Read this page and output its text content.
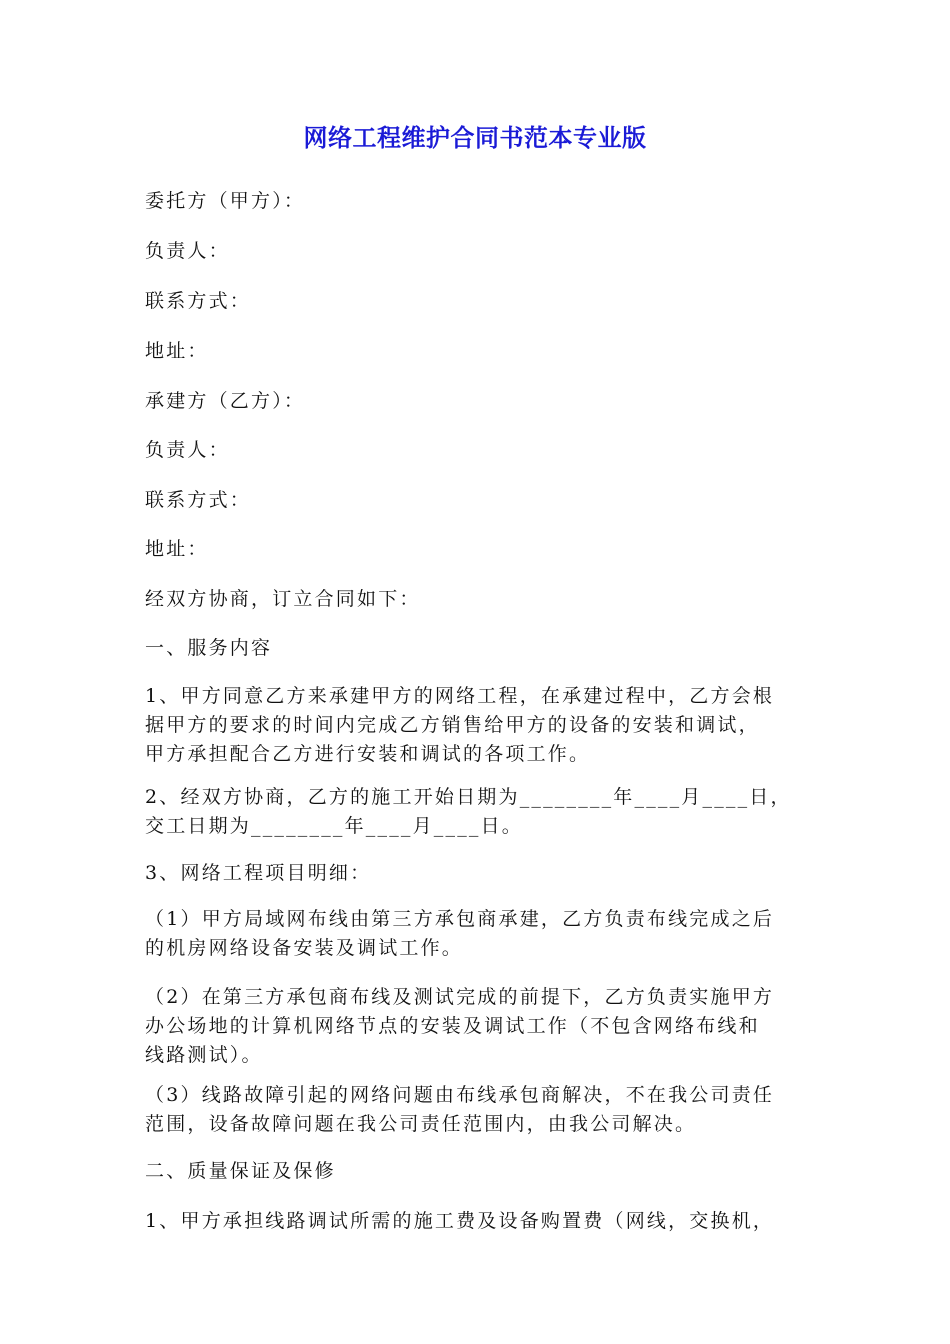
网络工程维护合同书范本专业版
委托方（甲方）：
负责人：
联系方式：
地址：
承建方（乙方）：
负责人：
联系方式：
地址：
经双方协商，订立合同如下：
一、服务内容
1、甲方同意乙方来承建甲方的网络工程，在承建过程中，乙方会根
据甲方的要求的时间内完成乙方销售给甲方的设备的安装和调试，
甲方承担配合乙方进行安装和调试的各项工作。
2、经双方协商，乙方的施工开始日期为________年____月____日，
交工日期为________年____月____日。
3、网络工程项目明细：
（1）甲方局域网布线由第三方承包商承建，乙方负责布线完成之后
的机房网络设备安装及调试工作。
（2）在第三方承包商布线及测试完成的前提下，乙方负责实施甲方
办公场地的计算机网络节点的安装及调试工作（不包含网络布线和
线路测试）。
（3）线路故障引起的网络问题由布线承包商解决，不在我公司责任
范围，设备故障问题在我公司责任范围内，由我公司解决。
二、质量保证及保修
1、甲方承担线路调试所需的施工费及设备购置费（网线，交换机，
